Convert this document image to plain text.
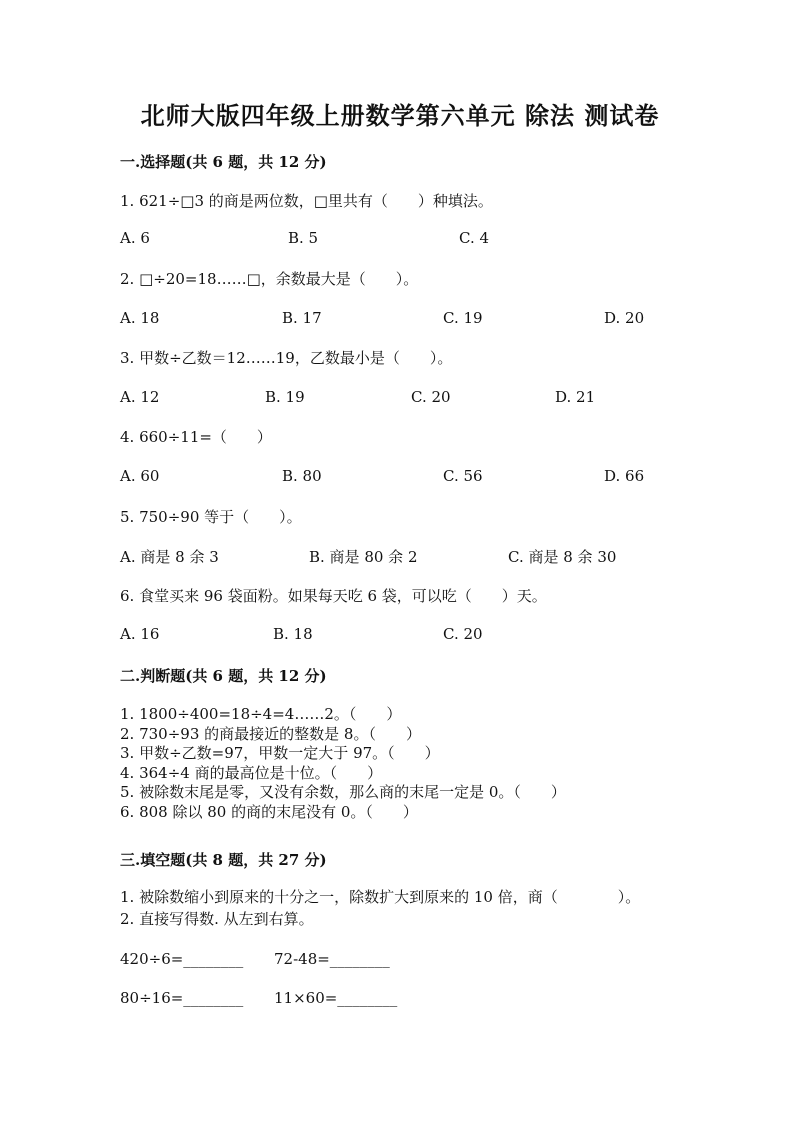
北师大版四年级上册数学第六单元 除法 测试卷
一.选择题(共 6 题，共 12 分)
1. 621÷□3 的商是两位数，□里共有（　　）种填法。
A. 6	B. 5	C. 4
2. □÷20=18……□，余数最大是（　　）。
A. 18	B. 17	C. 19	D. 20
3. 甲数÷乙数＝12……19，乙数最小是（　　）。
A. 12	B. 19	C. 20	D. 21
4. 660÷11=（　　）
A. 60	B. 80	C. 56	D. 66
5. 750÷90 等于（　　）。
A. 商是 8 余 3	B. 商是 80 余 2	C. 商是 8 余 30
6. 食堂买来 96 袋面粉。如果每天吃 6 袋，可以吃（　　）天。
A. 16	B. 18	C. 20
二.判断题(共 6 题，共 12 分)
1. 1800÷400=18÷4=4……2。（　　）
2. 730÷93 的商最接近的整数是 8。（　　）
3. 甲数÷乙数=97，甲数一定大于 97。（　　）
4. 364÷4 商的最高位是十位。（　　）
5. 被除数末尾是零，又没有余数，那么商的末尾一定是 0。（　　）
6. 808 除以 80 的商的末尾没有 0。（　　）
三.填空题(共 8 题，共 27 分)
1. 被除数缩小到原来的十分之一，除数扩大到原来的 10 倍，商（　　　　）。
2. 直接写得数. 从左到右算。
420÷6=________ 72-48=________
80÷16=________ 11×60=________
